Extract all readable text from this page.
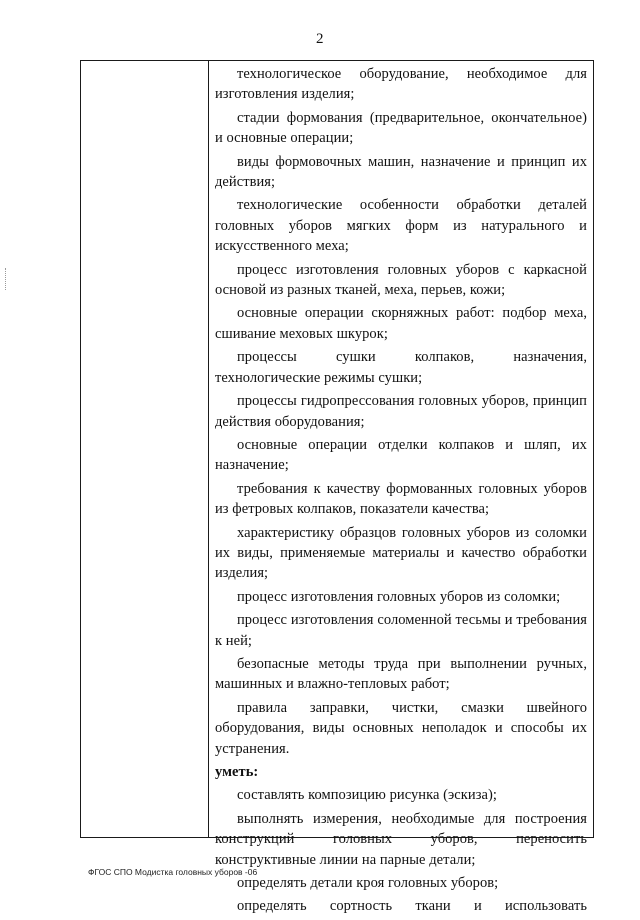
2

технологическое оборудование, необходимое для изготовления изделия;

стадии формования (предварительное, окончательное) и основные операции;

виды формовочных машин, назначение и принцип их действия;

технологические особенности обработки деталей головных уборов мягких форм из натурального и искусственного меха;

процесс изготовления головных уборов с каркасной основой из разных тканей, меха, перьев, кожи;

основные операции скорняжных работ: подбор меха, сшивание меховых шкурок;

процессы сушки колпаков, назначения, технологические режимы сушки;

процессы гидропрессования головных уборов, принцип действия оборудования;

основные операции отделки колпаков и шляп, их назначение;

требования к качеству формованных головных уборов из фетровых колпаков, показатели качества;

характеристику образцов головных уборов из соломки их виды, применяемые материалы и качество обработки изделия;

процесс изготовления головных уборов из соломки;

процесс изготовления соломенной тесьмы и требования к ней;

безопасные методы труда при выполнении ручных, машинных и влажно-тепловых работ;

правила заправки, чистки, смазки швейного оборудования, виды основных неполадок и способы их устранения.

уметь:

составлять композицию рисунка (эскиза);

выполнять измерения, необходимые для построения конструкций головных уборов, переносить конструктивные линии на парные детали;

определять детали кроя головных уборов;

определять сортность ткани и использовать

ФГОС СПО Модистка головных уборов -06
